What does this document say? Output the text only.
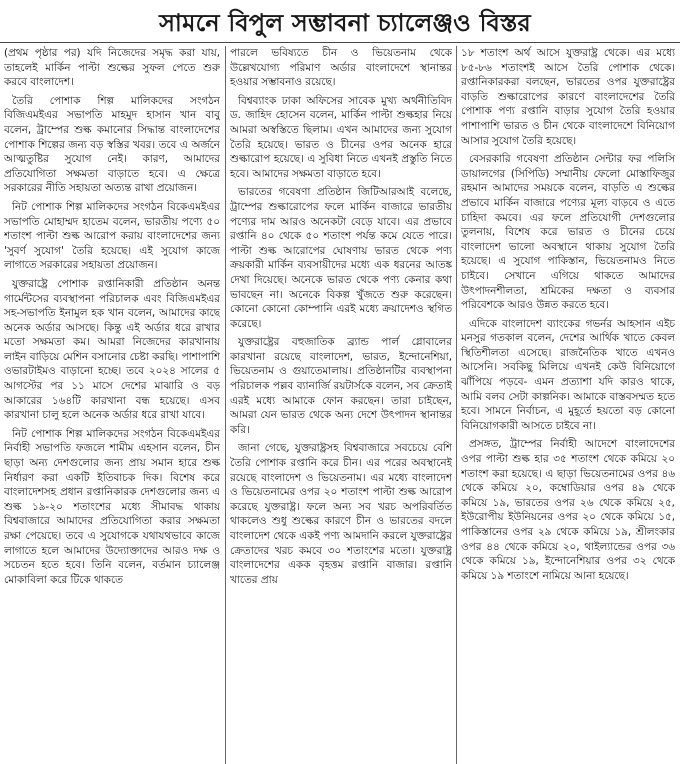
সামনে বিপুল সম্ভাবনা চ্যালেঞ্জও বিস্তর

(প্রথম পৃষ্ঠার পর) যদি নিজেদের সমৃদ্ধ করা যায়, তাহলেই মার্কিন পাল্টা শুল্কের সুফল পেতে শুরু করবে বাংলাদেশ।

তৈরি পোশাক শিল্প মালিকদের সংগঠন বিজিএমইএর সভাপতি মাহমুদ হাসান খান বাবু বলেন, ট্রাম্পের শুল্ক কমানোর সিদ্ধান্ত বাংলাদেশের পোশাক শিল্পের জন্য বড় স্বস্তির খবর। তবে এ অর্জনে আত্মতুষ্টির সুযোগ নেই। কারণ, আমাদের প্রতিযোগিতা সক্ষমতা বাড়াতে হবে। এ ক্ষেত্রে সরকারের নীতি সহায়তা অত্যন্ত রাখা প্রয়োজন।

নিট পোশাক শিল্প মালিকদের সংগঠন বিকেএমইএর সভাপতি মোহাম্মদ হাতেম বলেন, ভারতীয় পণ্যে ৫০ শতাংশ পাল্টা শুল্ক আরোপ করায় বাংলাদেশের জন্য 'সুবর্ণ সুযোগ' তৈরি হয়েছে। এই সুযোগ কাজে লাগাতে সরকারের সহায়তা প্রয়োজন।

যুক্তরাষ্ট্রে পোশাক রপ্তানিকারী প্রতিষ্ঠান অনন্ত গার্মেন্টসের ব্যবস্থাপনা পরিচালক এবং বিজিএমইএর সহ-সভাপতি ইনামুল হক খান বলেন, আমাদের কাছে অনেক অর্ডার আসছে। কিন্তু এই অর্ডার ধরে রাখার মতো সক্ষমতা কম। আমরা নিজেদের কারখানায় লাইন বাড়িয়ে মেশিন বসানোর চেষ্টা করছি। পাশাপাশি ওভারটাইমও বাড়ানো হচ্ছে। তবে ২০২৪ সালের ৫ আগস্টের পর ১১ মাসে দেশের মাঝারি ও বড় আকারের ১৬৪টি কারখানা বন্ধ হয়েছে। এসব কারখানা চালু হলে অনেক অর্ডার ধরে রাখা যাবে।

নিট পোশাক শিল্প মালিকদের সংগঠন বিকেএমইএর নির্বাহী সভাপতি ফজলে শামীম এহসান বলেন, চীন ছাড়া অন্য দেশগুলোর জন্য প্রায় সমান হারে শুল্ক নির্ধারণ করা একটি ইতিবাচক দিক। বিশেষ করে বাংলাদেশসহ প্রধান রপ্তানিকারক দেশগুলোর জন্য এ শুল্ক ১৯-২০ শতাংশের মধ্যে সীমাবদ্ধ থাকায় বিশ্ববাজারে আমাদের প্রতিযোগিতা করার সক্ষমতা রক্ষা পেয়েছে। তবে এ সুযোগকে যথাযথভাবে কাজে লাগাতে হলে আমাদের উদ্যোক্তাদের আরও দক্ষ ও সচেতন হতে হবে। তিনি বলেন, বর্তমান চ্যালেঞ্জ মোকাবিলা করে টিকে থাকতে

পারলে ভবিষ্যতে চীন ও ভিয়েতনাম থেকে উল্লেখযোগ্য পরিমাণ অর্ডার বাংলাদেশে স্থানান্তর হওয়ার সম্ভাবনাও রয়েছে।

বিশ্বব্যাংক ঢাকা অফিসের সাবেক মুখ্য অর্থনীতিবিদ ড. জাহিদ হোসেন বলেন, মার্কিন পাল্টা শুল্কহার নিয়ে আমরা অস্বস্তিতে ছিলাম। এখন আমাদের জন্য সুযোগ তৈরি হয়েছে। ভারত ও চীনের ওপর অনেক হারে শুল্কারোপ হয়েছে। এ সুবিধা নিতে এখনই প্রস্তুতি নিতে হবে। আমাদের সক্ষমতা বাড়াতে হবে।

ভারতের গবেষণা প্রতিষ্ঠান জিটিআরআই বলেছে, ট্রাম্পের শুল্কারোপের ফলে মার্কিন বাজারে ভারতীয় পণ্যের দাম আরও অনেকটা বেড়ে যাবে। এর প্রভাবে রপ্তানি ৪০ থেকে ৫০ শতাংশ পর্যন্ত কমে যেতে পারে। পাল্টা শুল্ক আরোপের ঘোষণায় ভারত থেকে পণ্য ক্রয়কারী মার্কিন ব্যবসায়ীদের মধ্যে এক ধরনের আতঙ্ক দেখা দিয়েছে। অনেকে ভারত থেকে পণ্য কেনার কথা ভাবছেন না। অনেকে বিকল্প খুঁজতে শুরু করেছেন। কোনো কোনো কোম্পানি এরই মধ্যে ক্রয়াদেশও স্থগিত করেছে।

যুক্তরাষ্ট্রের বহুজাতিক ব্র্যান্ড পার্ল গ্লোবালের কারখানা রয়েছে বাংলাদেশ, ভারত, ইন্দোনেশিয়া, ভিয়েতনাম ও গুয়াতেমালায়। প্রতিষ্ঠানটির ব্যবস্থাপনা পরিচালক পল্লব ব্যানার্জি রয়টার্সকে বলেন, সব ক্রেতাই এরই মধ্যে আমাকে ফোন করছেন। তারা চাইছেন, আমরা যেন ভারত থেকে অন্য দেশে উৎপাদন স্থানান্তর করি।

জানা গেছে, যুক্তরাষ্ট্রসহ বিশ্ববাজারে সবচেয়ে বেশি তৈরি পোশাক রপ্তানি করে চীন। এর পরের অবস্থানেই রয়েছে বাংলাদেশ ও ভিয়েতনাম। এর মধ্যে বাংলাদেশ ও ভিয়েতনামের ওপর ২০ শতাংশ পাল্টা শুল্ক আরোপ করেছে যুক্তরাষ্ট্র। ফলে অন্য সব খরচ অপরিবর্তিত থাকলেও শুধু শুল্কের কারণে চীন ও ভারতের বদলে বাংলাদেশ থেকে একই পণ্য আমদানি করলে যুক্তরাষ্ট্রের ক্রেতাদের খরচ কমবে ৩০ শতাংশের মতো। যুক্তরাষ্ট্র বাংলাদেশের একক বৃহত্তম রপ্তানি বাজার। রপ্তানি খাতের প্রায়

১৮ শতাংশ অর্থ আসে যুক্তরাষ্ট্র থেকে। এর মধ্যে ৮৫-৮৬ শতাংশই আসে তৈরি পোশাক থেকে। রপ্তানিকারকরা বলছেন, ভারতের ওপর যুক্তরাষ্ট্রের বাড়তি শুল্কারোপের কারণে বাংলাদেশের তৈরি পোশাক পণ্য রপ্তানি বাড়ার সুযোগ তৈরি হওয়ার পাশাপাশি ভারত ও চীন থেকে বাংলাদেশে বিনিয়োগ আসার সুযোগ তৈরি হয়েছে।

বেসরকারি গবেষণা প্রতিষ্ঠান সেন্টার ফর পলিসি ডায়ালগের (সিপিডি) সম্মানীয় ফেলো মোস্তাফিজুর রহমান আমাদের সময়কে বলেন, বাড়তি এ শুল্কের প্রভাবে মার্কিন বাজারে পণ্যের মূল্য বাড়বে ও এতে চাহিদা কমবে। এর ফলে প্রতিযোগী দেশগুলোর তুলনায়, বিশেষ করে ভারত ও চীনের চেয়ে বাংলাদেশ ভালো অবস্থানে থাকায় সুযোগ তৈরি হয়েছে। এ সুযোগ পাকিস্তান, ভিয়েতনামও নিতে চাইবে। সেখানে এগিয়ে থাকতে আমাদের উৎপাদনশীলতা, শ্রমিকের দক্ষতা ও ব্যবসার পরিবেশকে আরও উন্নত করতে হবে।

এদিকে বাংলাদেশ ব্যাংকের গভর্নর আহসান এইচ মনসুর গতকাল বলেন, দেশের আর্থিক খাতে কেবল স্থিতিশীলতা এসেছে। রাজনৈতিক খাতে এখনও আসেনি। সবকিছু মিলিয়ে এখনই কেউ বিনিয়োগে ঝাঁপিয়ে পড়বে- এমন প্রত্যাশা যদি কারও থাকে, আমি বলব সেটা কাল্পনিক। আমাকে বাস্তবসম্মত হতে হবে। সামনে নির্বাচন, এ মুহূর্তে হয়তো বড় কোনো বিনিয়োগকারী আসতে চাইবে না।

প্রসঙ্গত, ট্রাম্পের নির্বাহী আদেশে বাংলাদেশের ওপর পাল্টা শুল্ক হার ৩৫ শতাংশ থেকে কমিয়ে ২০ শতাংশ করা হয়েছে। এ ছাড়া ভিয়েতনামের ওপর ৪৬ থেকে কমিয়ে ২০, কম্বোডিয়ার ওপর ৪৯ থেকে কমিয়ে ১৯, ভারতের ওপর ২৬ থেকে কমিয়ে ২৫, ইউরোপীয় ইউনিয়নের ওপর ২০ থেকে কমিয়ে ১৫, পাকিস্তানের ওপর ২৯ থেকে কমিয়ে ১৯, শ্রীলংকার ওপর ৪৪ থেকে কমিয়ে ২০, থাইল্যান্ডের ওপর ৩৬ থেকে কমিয়ে ১৯, ইন্দোনেশিয়ার ওপর ৩২ থেকে কমিয়ে ১৯ শতাংশে নামিয়ে আনা হয়েছে।
